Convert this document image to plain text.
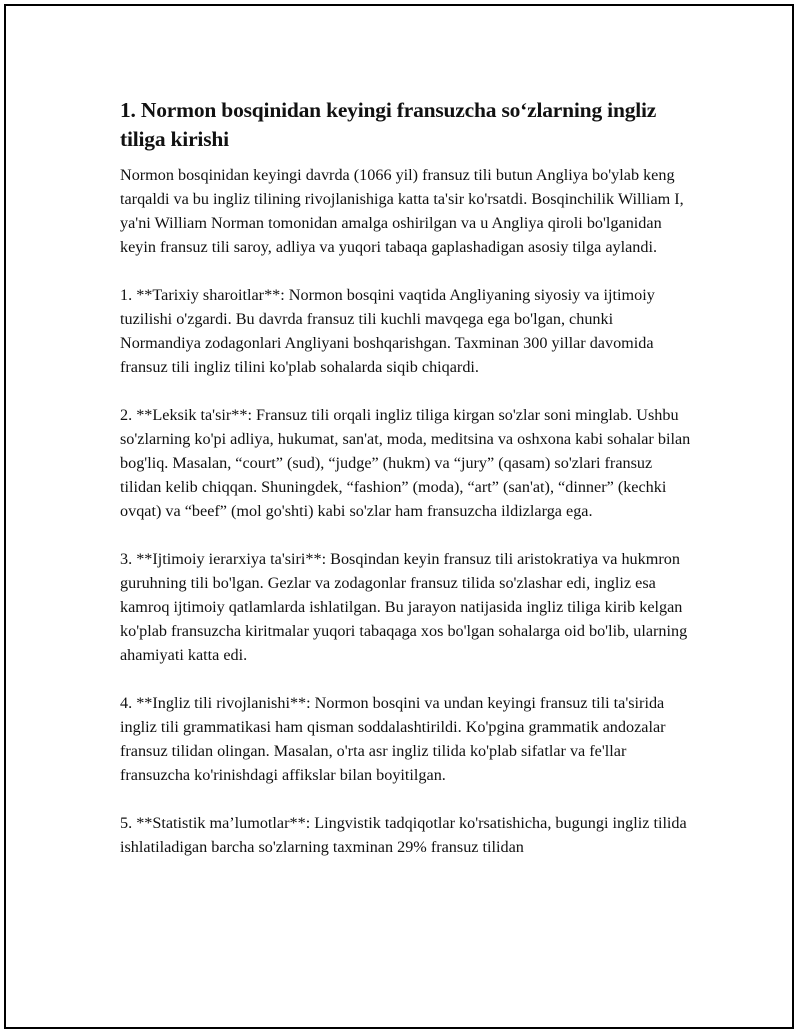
1. Normon bosqinidan keyingi fransuzcha so‘zlarning ingliz tiliga kirishi

Normon bosqinidan keyingi davrda (1066 yil) fransuz tili butun Angliya bo'ylab keng tarqaldi va bu ingliz tilining rivojlanishiga katta ta'sir ko'rsatdi. Bosqinchilik William I, ya'ni William Norman tomonidan amalga oshirilgan va u Angliya qiroli bo'lganidan keyin fransuz tili saroy, adliya va yuqori tabaqa gaplashadigan asosiy tilga aylandi.

1. **Tarixiy sharoitlar**: Normon bosqini vaqtida Angliyaning siyosiy va ijtimoiy tuzilishi o'zgardi. Bu davrda fransuz tili kuchli mavqega ega bo'lgan, chunki Normandiya zodagonlari Angliyani boshqarishgan. Taxminan 300 yillar davomida fransuz tili ingliz tilini ko'plab sohalarda siqib chiqardi.

2. **Leksik ta'sir**: Fransuz tili orqali ingliz tiliga kirgan so'zlar soni minglab. Ushbu so'zlarning ko'pi adliya, hukumat, san'at, moda, meditsina va oshxona kabi sohalar bilan bog'liq. Masalan, “court” (sud), “judge” (hukm) va “jury” (qasam) so'zlari fransuz tilidan kelib chiqqan. Shuningdek, “fashion” (moda), “art” (san'at), “dinner” (kechki ovqat) va “beef” (mol go'shti) kabi so'zlar ham fransuzcha ildizlarga ega.

3. **Ijtimoiy ierarxiya ta'siri**: Bosqindan keyin fransuz tili aristokratiya va hukmron guruhning tili bo'lgan. Gezlar va zodagonlar fransuz tilida so'zlashar edi, ingliz esa kamroq ijtimoiy qatlamlarda ishlatilgan. Bu jarayon natijasida ingliz tiliga kirib kelgan ko'plab fransuzcha kiritmalar yuqori tabaqaga xos bo'lgan sohalarga oid bo'lib, ularning ahamiyati katta edi.

4. **Ingliz tili rivojlanishi**: Normon bosqini va undan keyingi fransuz tili ta'sirida ingliz tili grammatikasi ham qisman soddalashtirildi. Ko'pgina grammatik andozalar fransuz tilidan olingan. Masalan, o'rta asr ingliz tilida ko'plab sifatlar va fe'llar fransuzcha ko'rinishdagi affikslar bilan boyitilgan.

5. **Statistik ma’lumotlar**: Lingvistik tadqiqotlar ko'rsatishicha, bugungi ingliz tilida ishlatiladigan barcha so'zlarning taxminan 29% fransuz tilidan
